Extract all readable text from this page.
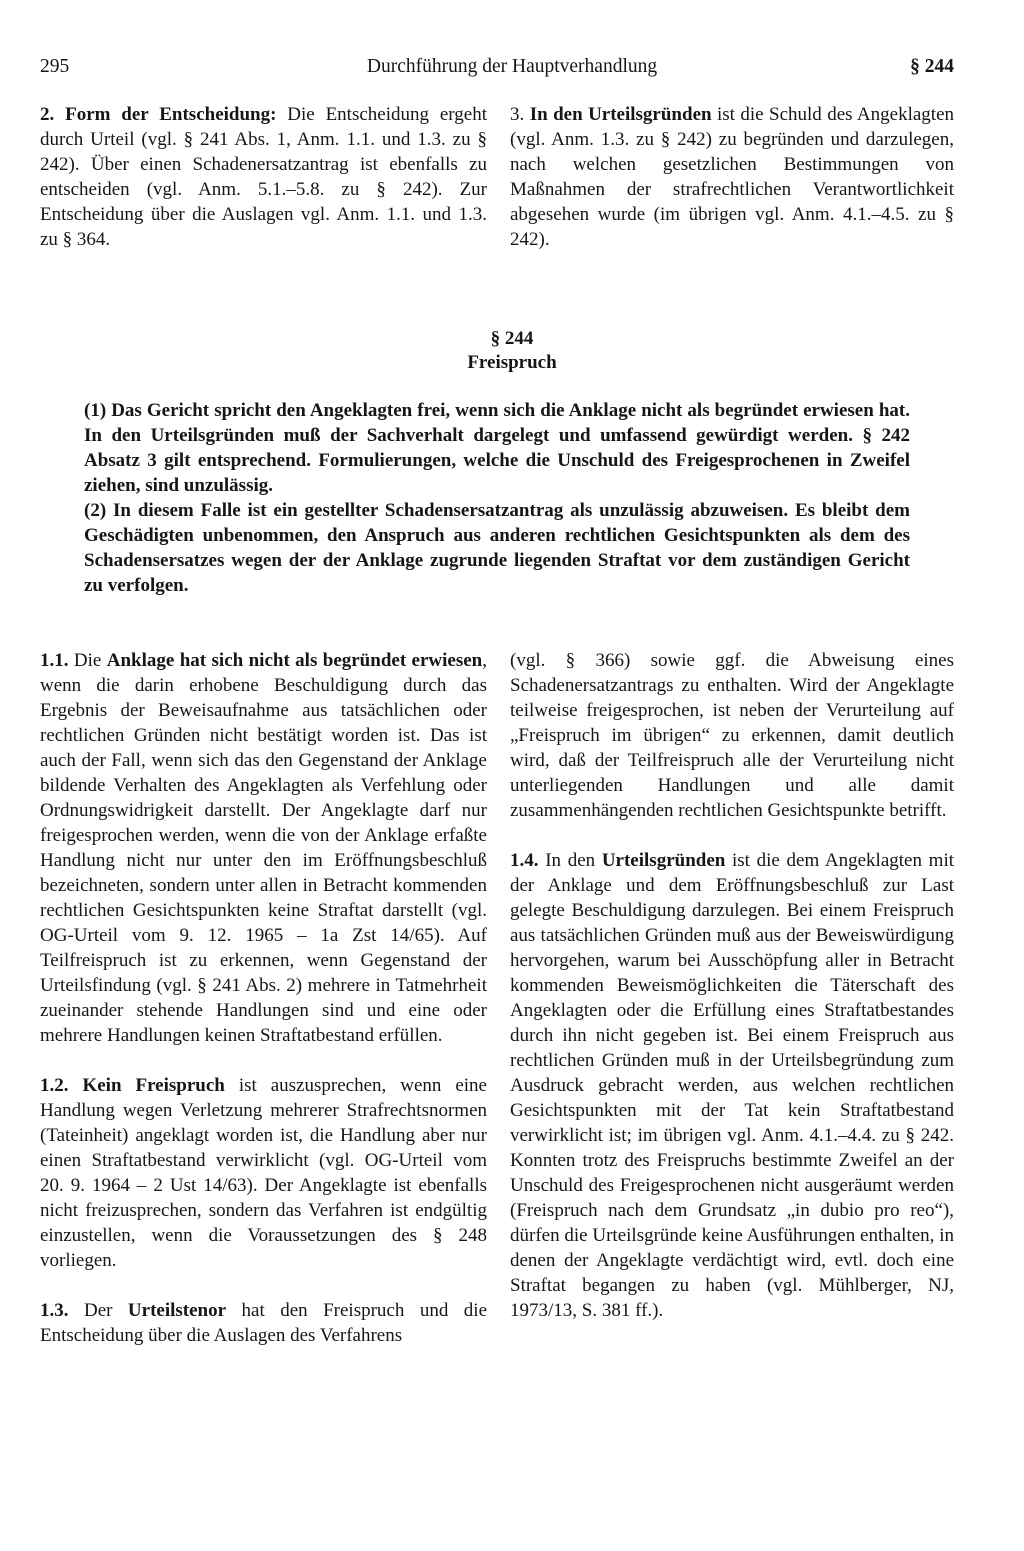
295	Durchführung der Hauptverhandlung	§ 244

2. Form der Entscheidung: Die Entscheidung ergeht durch Urteil (vgl. § 241 Abs. 1, Anm. 1.1. und 1.3. zu § 242). Über einen Schadenersatzantrag ist ebenfalls zu entscheiden (vgl. Anm. 5.1.–5.8. zu § 242). Zur Entscheidung über die Auslagen vgl. Anm. 1.1. und 1.3. zu § 364.

3. In den Urteilsgründen ist die Schuld des Angeklagten (vgl. Anm. 1.3. zu § 242) zu begründen und darzulegen, nach welchen gesetzlichen Bestimmungen von Maßnahmen der strafrechtlichen Verantwortlichkeit abgesehen wurde (im übrigen vgl. Anm. 4.1.–4.5. zu § 242).

§ 244
Freispruch

(1) Das Gericht spricht den Angeklagten frei, wenn sich die Anklage nicht als begründet erwiesen hat. In den Urteilsgründen muß der Sachverhalt dargelegt und umfassend gewürdigt werden. § 242 Absatz 3 gilt entsprechend. Formulierungen, welche die Unschuld des Freigesprochenen in Zweifel ziehen, sind unzulässig.

(2) In diesem Falle ist ein gestellter Schadensersatzantrag als unzulässig abzuweisen. Es bleibt dem Geschädigten unbenommen, den Anspruch aus anderen rechtlichen Gesichtspunkten als dem des Schadensersatzes wegen der der Anklage zugrunde liegenden Straftat vor dem zuständigen Gericht zu verfolgen.

1.1. Die Anklage hat sich nicht als begründet erwiesen, wenn die darin erhobene Beschuldigung durch das Ergebnis der Beweisaufnahme aus tatsächlichen oder rechtlichen Gründen nicht bestätigt worden ist. Das ist auch der Fall, wenn sich das den Gegenstand der Anklage bildende Verhalten des Angeklagten als Verfehlung oder Ordnungswidrigkeit darstellt. Der Angeklagte darf nur freigesprochen werden, wenn die von der Anklage erfaßte Handlung nicht nur unter den im Eröffnungsbeschluß bezeichneten, sondern unter allen in Betracht kommenden rechtlichen Gesichtspunkten keine Straftat darstellt (vgl. OG-Urteil vom 9. 12. 1965 – 1a Zst 14/65). Auf Teilfreispruch ist zu erkennen, wenn Gegenstand der Urteilsfindung (vgl. § 241 Abs. 2) mehrere in Tatmehrheit zueinander stehende Handlungen sind und eine oder mehrere Handlungen keinen Straftatbestand erfüllen.

1.2. Kein Freispruch ist auszusprechen, wenn eine Handlung wegen Verletzung mehrerer Strafrechtsnormen (Tateinheit) angeklagt worden ist, die Handlung aber nur einen Straftatbestand verwirklicht (vgl. OG-Urteil vom 20. 9. 1964 – 2 Ust 14/63). Der Angeklagte ist ebenfalls nicht freizusprechen, sondern das Verfahren ist endgültig einzustellen, wenn die Voraussetzungen des § 248 vorliegen.

1.3. Der Urteilstenor hat den Freispruch und die Entscheidung über die Auslagen des Verfahrens

(vgl. § 366) sowie ggf. die Abweisung eines Schadenersatzantrags zu enthalten. Wird der Angeklagte teilweise freigesprochen, ist neben der Verurteilung auf „Freispruch im übrigen“ zu erkennen, damit deutlich wird, daß der Teilfreispruch alle der Verurteilung nicht unterliegenden Handlungen und alle damit zusammenhängenden rechtlichen Gesichtspunkte betrifft.

1.4. In den Urteilsgründen ist die dem Angeklagten mit der Anklage und dem Eröffnungsbeschluß zur Last gelegte Beschuldigung darzulegen. Bei einem Freispruch aus tatsächlichen Gründen muß aus der Beweiswürdigung hervorgehen, warum bei Ausschöpfung aller in Betracht kommenden Beweismöglichkeiten die Täterschaft des Angeklagten oder die Erfüllung eines Straftatbestandes durch ihn nicht gegeben ist. Bei einem Freispruch aus rechtlichen Gründen muß in der Urteilsbegründung zum Ausdruck gebracht werden, aus welchen rechtlichen Gesichtspunkten mit der Tat kein Straftatbestand verwirklicht ist; im übrigen vgl. Anm. 4.1.–4.4. zu § 242. Konnten trotz des Freispruchs bestimmte Zweifel an der Unschuld des Freigesprochenen nicht ausgeräumt werden (Freispruch nach dem Grundsatz „in dubio pro reo“), dürfen die Urteilsgründe keine Ausführungen enthalten, in denen der Angeklagte verdächtigt wird, evtl. doch eine Straftat begangen zu haben (vgl. Mühlberger, NJ, 1973/13, S. 381 ff.).
